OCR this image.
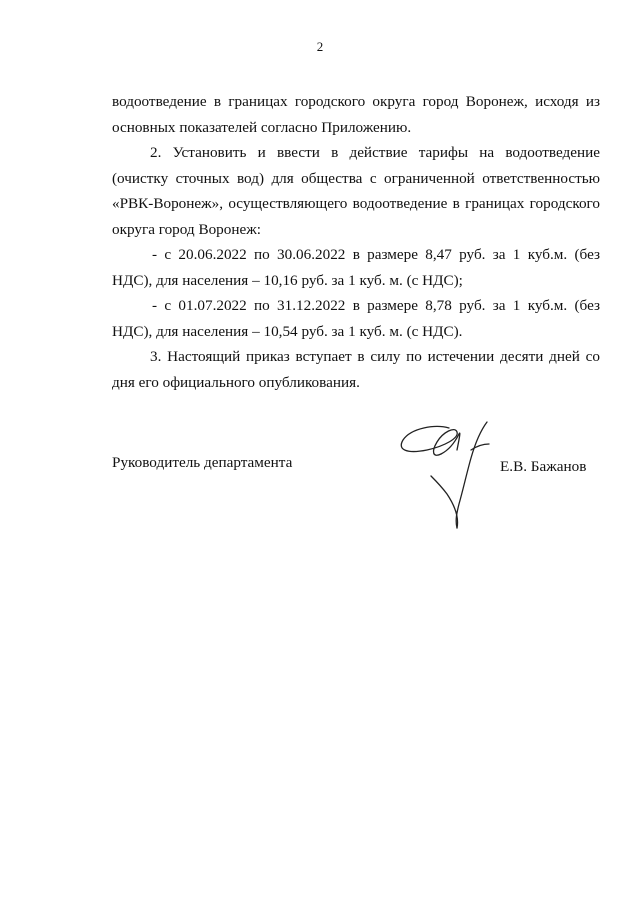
2

водоотведение в границах городского округа город Воронеж, исходя из основных показателей согласно Приложению.

2. Установить и ввести в действие тарифы на водоотведение (очистку сточных вод) для общества с ограниченной ответственностью «РВК-Воронеж», осуществляющего водоотведение в границах городского округа город Воронеж:

- с 20.06.2022 по 30.06.2022 в размере 8,47 руб. за 1 куб.м. (без НДС), для населения – 10,16 руб. за 1 куб. м. (с НДС);

- с 01.07.2022 по 31.12.2022 в размере 8,78 руб. за 1 куб.м. (без НДС), для населения – 10,54 руб. за 1 куб. м. (с НДС).

3. Настоящий приказ вступает в силу по истечении десяти дней со дня его официального опубликования.

Руководитель департамента	Е.В. Бажанов
